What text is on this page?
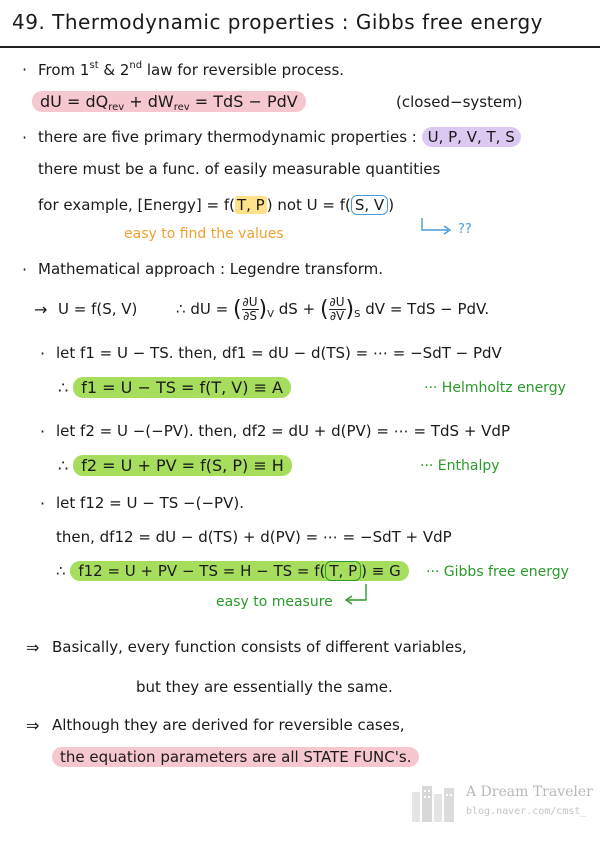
49. Thermodynamic properties : Gibbs free energy
· From 1st & 2nd law for reversible process.
dU = $dQ_{rev} + dW_{rev}$ = TdS − PdV	(closed−system)
· there are five primary thermodynamic properties : U, P, V, T, S
there must be a func. of easily measurable quantities
for example, [Energy] = f( T, P ) not U = f( S, V )
easy to find the values	??
· Mathematical approach : Legendre transform.
→ U = f(S, V)	∴ dU = ( $\frac{\partial U}{\partial S} )_V$ dS + ( $\frac{\partial U}{\partial V} )_S$ dV = TdS − PdV.
· let f1 = U − TS. then, df1 = dU − d(TS) = ⋯ = −SdT − PdV
∴ f1 = U − TS = f(T, V) ≡ A	··· Helmholtz energy
· let f2 = U −(−PV). then, df2 = dU + d(PV) = ⋯ = TdS + VdP
∴ f2 = U + PV = f(S, P) ≡ H	··· Enthalpy
· let f12 = U − TS −(−PV).
then, df12 = dU − d(TS) + d(PV) = ⋯ = −SdT + VdP
∴ f12 = U + PV − TS = H − TS = f( T, P ) ≡ G	··· Gibbs free energy
easy to measure
⇒ Basically, every function consists of different variables,
but they are essentially the same.
⇒ Although they are derived for reversible cases,
the equation parameters are all STATE FUNC's.
A Dream Traveler
blog.naver.com/cmst_
